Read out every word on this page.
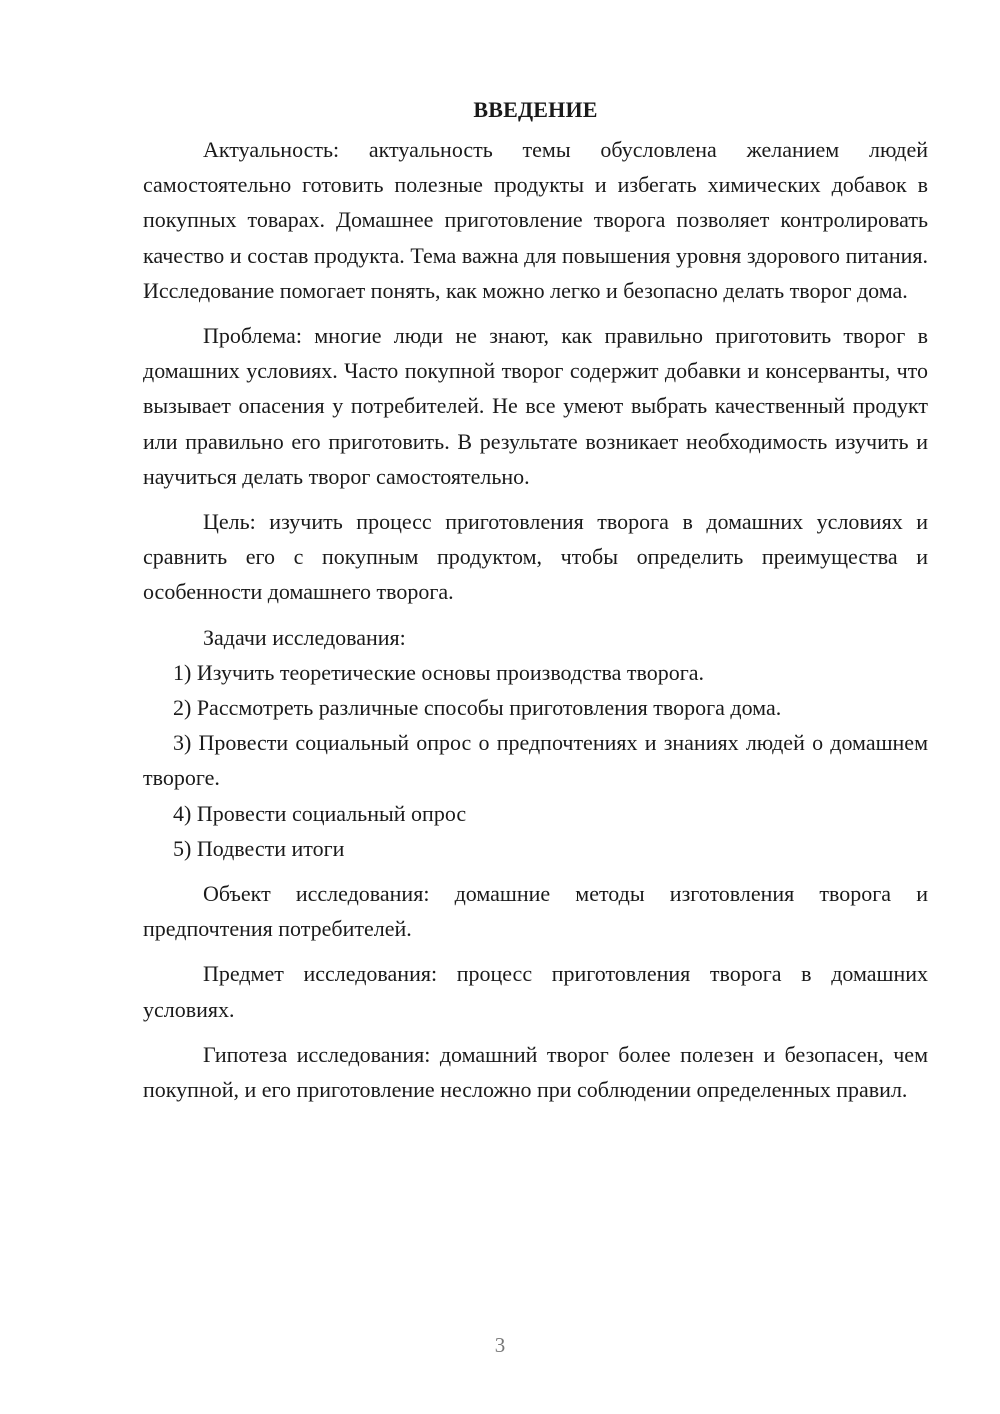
ВВЕДЕНИЕ

Актуальность: актуальность темы обусловлена желанием людей самостоятельно готовить полезные продукты и избегать химических добавок в покупных товарах. Домашнее приготовление творога позволяет контролировать качество и состав продукта. Тема важна для повышения уровня здорового питания. Исследование помогает понять, как можно легко и безопасно делать творог дома.

Проблема: многие люди не знают, как правильно приготовить творог в домашних условиях. Часто покупной творог содержит добавки и консерванты, что вызывает опасения у потребителей. Не все умеют выбрать качественный продукт или правильно его приготовить. В результате возникает необходимость изучить и научиться делать творог самостоятельно.

Цель: изучить процесс приготовления творога в домашних условиях и сравнить его с покупным продуктом, чтобы определить преимущества и особенности домашнего творога.

Задачи исследования:

1) Изучить теоретические основы производства творога.

2) Рассмотреть различные способы приготовления творога дома.

3) Провести социальный опрос о предпочтениях и знаниях людей о домашнем твороге.

4) Провести социальный опрос

5) Подвести итоги

Объект исследования: домашние методы изготовления творога и предпочтения потребителей.

Предмет исследования: процесс приготовления творога в домашних условиях.

Гипотеза исследования: домашний творог более полезен и безопасен, чем покупной, и его приготовление несложно при соблюдении определенных правил.

3
